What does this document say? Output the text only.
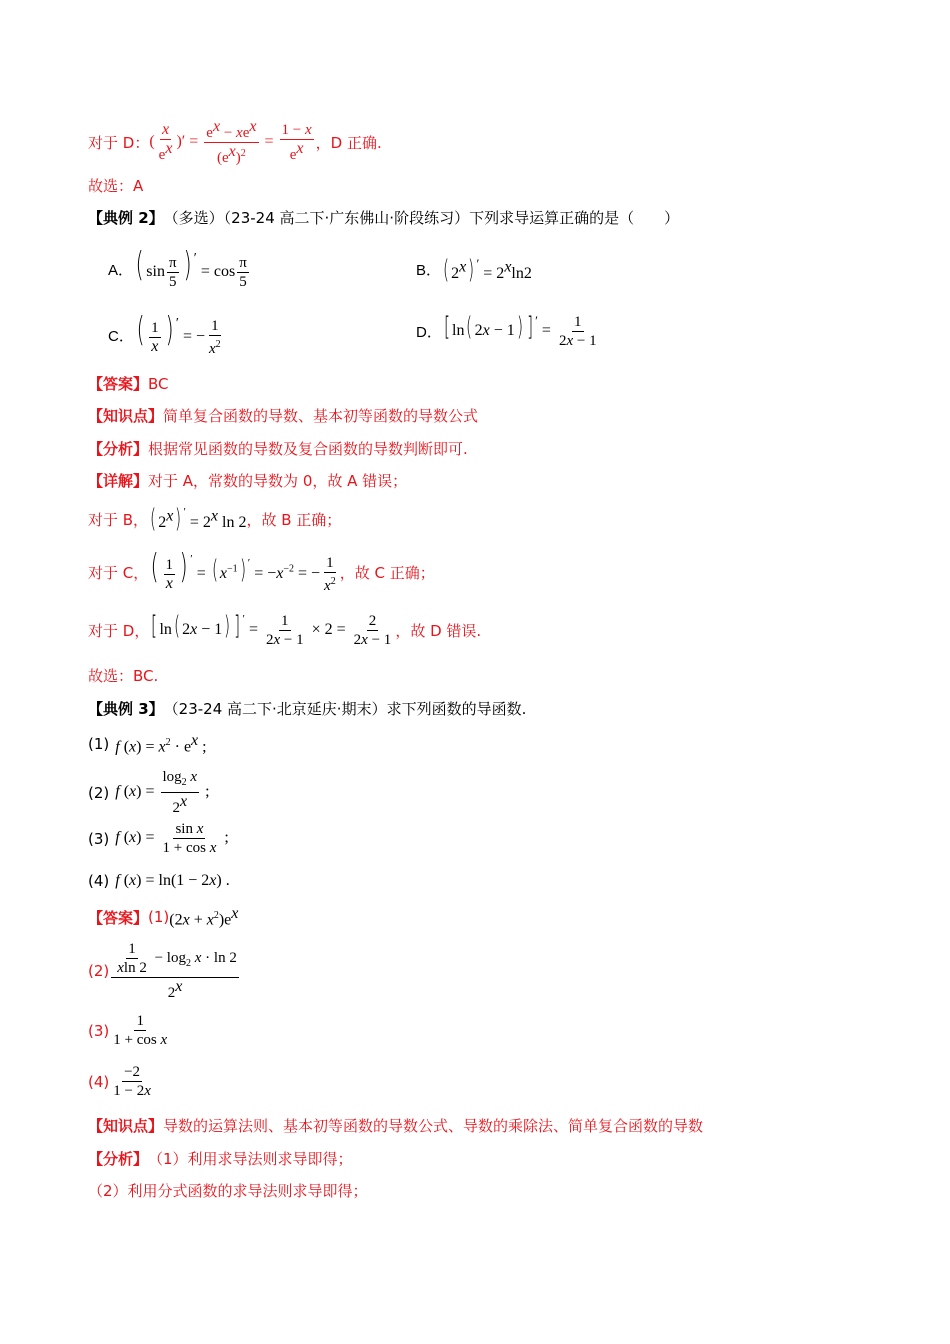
对于 D： ( $\frac{x}{e^x}$ )′ = $\frac{e^x - xe^x}{(e^x)^2} = \frac{1 - x}{e^x}$ ，D 正确.
故选：A
【典例 2】 （多选）（23-24 高二下·广东佛山·阶段练习）下列求导运算正确的是（　　）
A． ( $\sin \frac{\pi}{5}$ ) $' = \cos \frac{\pi}{5}$	B． ( 2$^x$) $' = 2^x\ln 2$
C． ( $\frac{1}{x}$ ) ′ = − $\frac{1}{x^2}$	D． [ ln( 2x − 1) ] $' = \frac{1}{2x - 1}$
【答案】 BC
【知识点】 简单复合函数的导数、基本初等函数的导数公式
【分析】 根据常见函数的导数及复合函数的导数判断即可.
【详解】 对于 A，常数的导数为 0，故 A 错误；
对于 B， ( 2$^x$) $' = 2^x$ ln 2 ，故 B 正确；
对于 C， ( $\frac{1}{x}$ ) ′ = ( $x^{-1}$) $' = -x^{-2}$ = − $\frac{1}{x^2}$ ，故 C 正确；
对于 D， [ ln( 2x − 1) ] $' = \frac{1}{2x - 1} \times 2 = \frac{2}{2x - 1}$ ，故 D 错误.
故选：BC.
【典例 3】 （23-24 高二下·北京延庆·期末）求下列函数的导函数.
(1) f $(x) = x^2 \cdot e^x$ ;
(2) f $(x) = \frac{\log_2 x}{2^x}$ ;
(3) f $(x) = \frac{\text{sin x}}{\text{1 + cos x}}$ ;
(4) f (x) = ln(1 − 2x) .
【答案】 (1) $(2x + x^2)e^x$
$(2) \frac{\frac{1}{xln 2} - \log_2 x \cdot \ln 2}{2^x}$
$(3) \frac{1}{\text{1 + cos x}}$
$(4) \frac{-2}{1 - 2x}$
【知识点】 导数的运算法则、基本初等函数的导数公式、导数的乘除法、简单复合函数的导数
【分析】 （1）利用求导法则求导即得；
（2）利用分式函数的求导法则求导即得；
